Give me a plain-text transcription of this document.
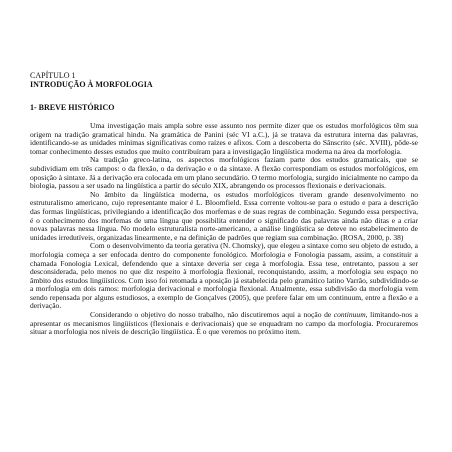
CAPÍTULO 1
INTRODUÇÃO À MORFOLOGIA
1- BREVE HISTÓRICO

Uma investigação mais ampla sobre esse assunto nos permite dizer que os estudos morfológicos têm sua origem na tradição gramatical hindu. Na gramática de Panini (séc VI a.C.), já se tratava da estrutura interna das palavras, identificando-se as unidades mínimas significativas como raízes e afixos. Com a descoberta do Sânscrito (séc. XVIII), pôde-se tomar conhecimento desses estudos que muito contribuíram para a investigação lingüística moderna na área da morfologia.

Na tradição greco-latina, os aspectos morfológicos faziam parte dos estudos gramaticais, que se subdividiam em três campos: o da flexão, o da derivação e o da sintaxe. A flexão correspondiam os estudos morfológicos, em oposição à sintaxe. Já a derivação era colocada em um plano secundário. O termo morfologia, surgido inicialmente no campo da biologia, passou a ser usado na lingüística a partir do século XIX, abrangendo os processos flexionais e derivacionais.

No âmbito da lingüística moderna, os estudos morfológicos tiveram grande desenvolvimento no estruturalismo americano, cujo representante maior é L. Bloomfield. Essa corrente voltou-se para o estudo e para a descrição das formas lingüísticas, privilegiando a identificação dos morfemas e de suas regras de combinação. Segundo essa perspectiva, é o conhecimento dos morfemas de uma língua que possibilita entender o significado das palavras ainda não ditas e a criar novas palavras nessa língua. No modelo estruturalista norte-americano, a análise lingüística se deteve no estabelecimento de unidades irredutíveis, organizadas linearmente, e na definição de padrões que regiam sua combinação. (ROSA, 2000, p. 38)

Com o desenvolvimento da teoria gerativa (N. Chomsky), que elegeu a sintaxe como seu objeto de estudo, a morfologia começa a ser enfocada dentro do componente fonológico. Morfologia e Fonologia passam, assim, a constituir a chamada Fonologia Lexical, defendendo que a sintaxe deveria ser cega à morfologia. Essa tese, entretanto, passou a ser desconsiderada, pelo menos no que diz respeito à morfologia flexional, reconquistando, assim, a morfologia seu espaço no âmbito dos estudos lingüísticos. Com isso foi retomada a oposição já estabelecida pelo gramático latino Varrão, subdividindo-se a morfologia em dois ramos: morfologia derivacional e morfologia flexional. Atualmente, essa subdivisão da morfologia vem sendo repensada por alguns estudiosos, a exemplo de Gonçalves (2005), que prefere falar em um continuum, entre a flexão e a derivação.

Considerando o objetivo do nosso trabalho, não discutiremos aqui a noção de continuum, limitando-nos a apresentar os mecanismos lingüísticos (flexionais e derivacionais) que se enquadram no campo da morfologia. Procuraremos situar a morfologia nos níveis de descrição lingüística. É o que veremos no próximo item.
